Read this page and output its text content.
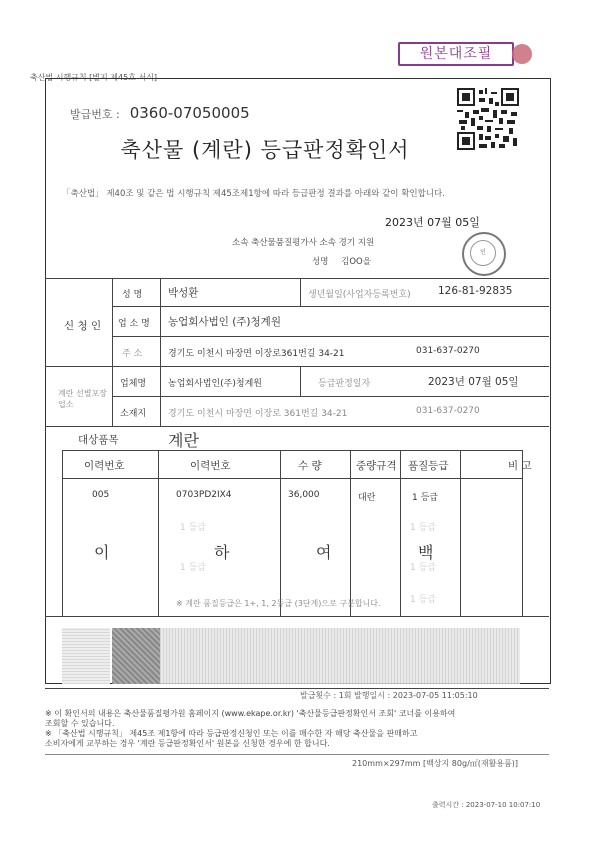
축산법 시행규칙 [별지 제45호 서식]
원본대조필
발급번호 : 0360-07050005
축산물 (계란) 등급판정확인서
「축산법」 제40조 및 같은 법 시행규칙 제45조제1항에 따라 등급판정 결과를 아래와 같이 확인합니다.
2023년 07월 05일
소속 축산물품질평가사 소속 경기 지원
성명 김OO을
인
신 청 인
성 명 박성환	생년월일(사업자등록번호)	126-81-92835
업 소 명 농업회사법인 (주)청계원
주 소	경기도 이천시 마장면 이장로361번길 34-21	031-637-0270
계란 선별포장업소
업체명 농업회사법인(주)청계원	등급판정일자	2023년 07월 05일
소재지 경기도 이천시 마장면 이장로 361번길 34-21	031-637-0270
대상품목	계란
이력번호	이력번호	수 량	중량규격 품질등급	비 고
005	0703PD2IX4	36,000	대란	1 등급
1 등급
1 등급
1 등급
1 등급
1 등급
이	하	여	백
※ 계란 품질등급은 1+, 1, 2등급 (3단계)으로 구분합니다.
발급횟수 : 1회 발행일시 : 2023-07-05 11:05:10
※ 이 확인서의 내용은 축산물품질평가원 홈페이지 (www.ekape.or.kr) '축산물등급판정확인서 조회' 코너를 이용하여
조회할 수 있습니다.
※ 「축산법 시행규칙」 제45조 제1항에 따라 등급판정신청인 또는 이를 매수한 자 해당 축산물을 판매하고
소비자에게 교부하는 경우 '계란 등급판정확인서' 원본을 신청한 경우에 한 합니다.
210mm×297mm [백상지 80g/㎡(재활용품)]
출력시간 : 2023-07-10 10:07:10
